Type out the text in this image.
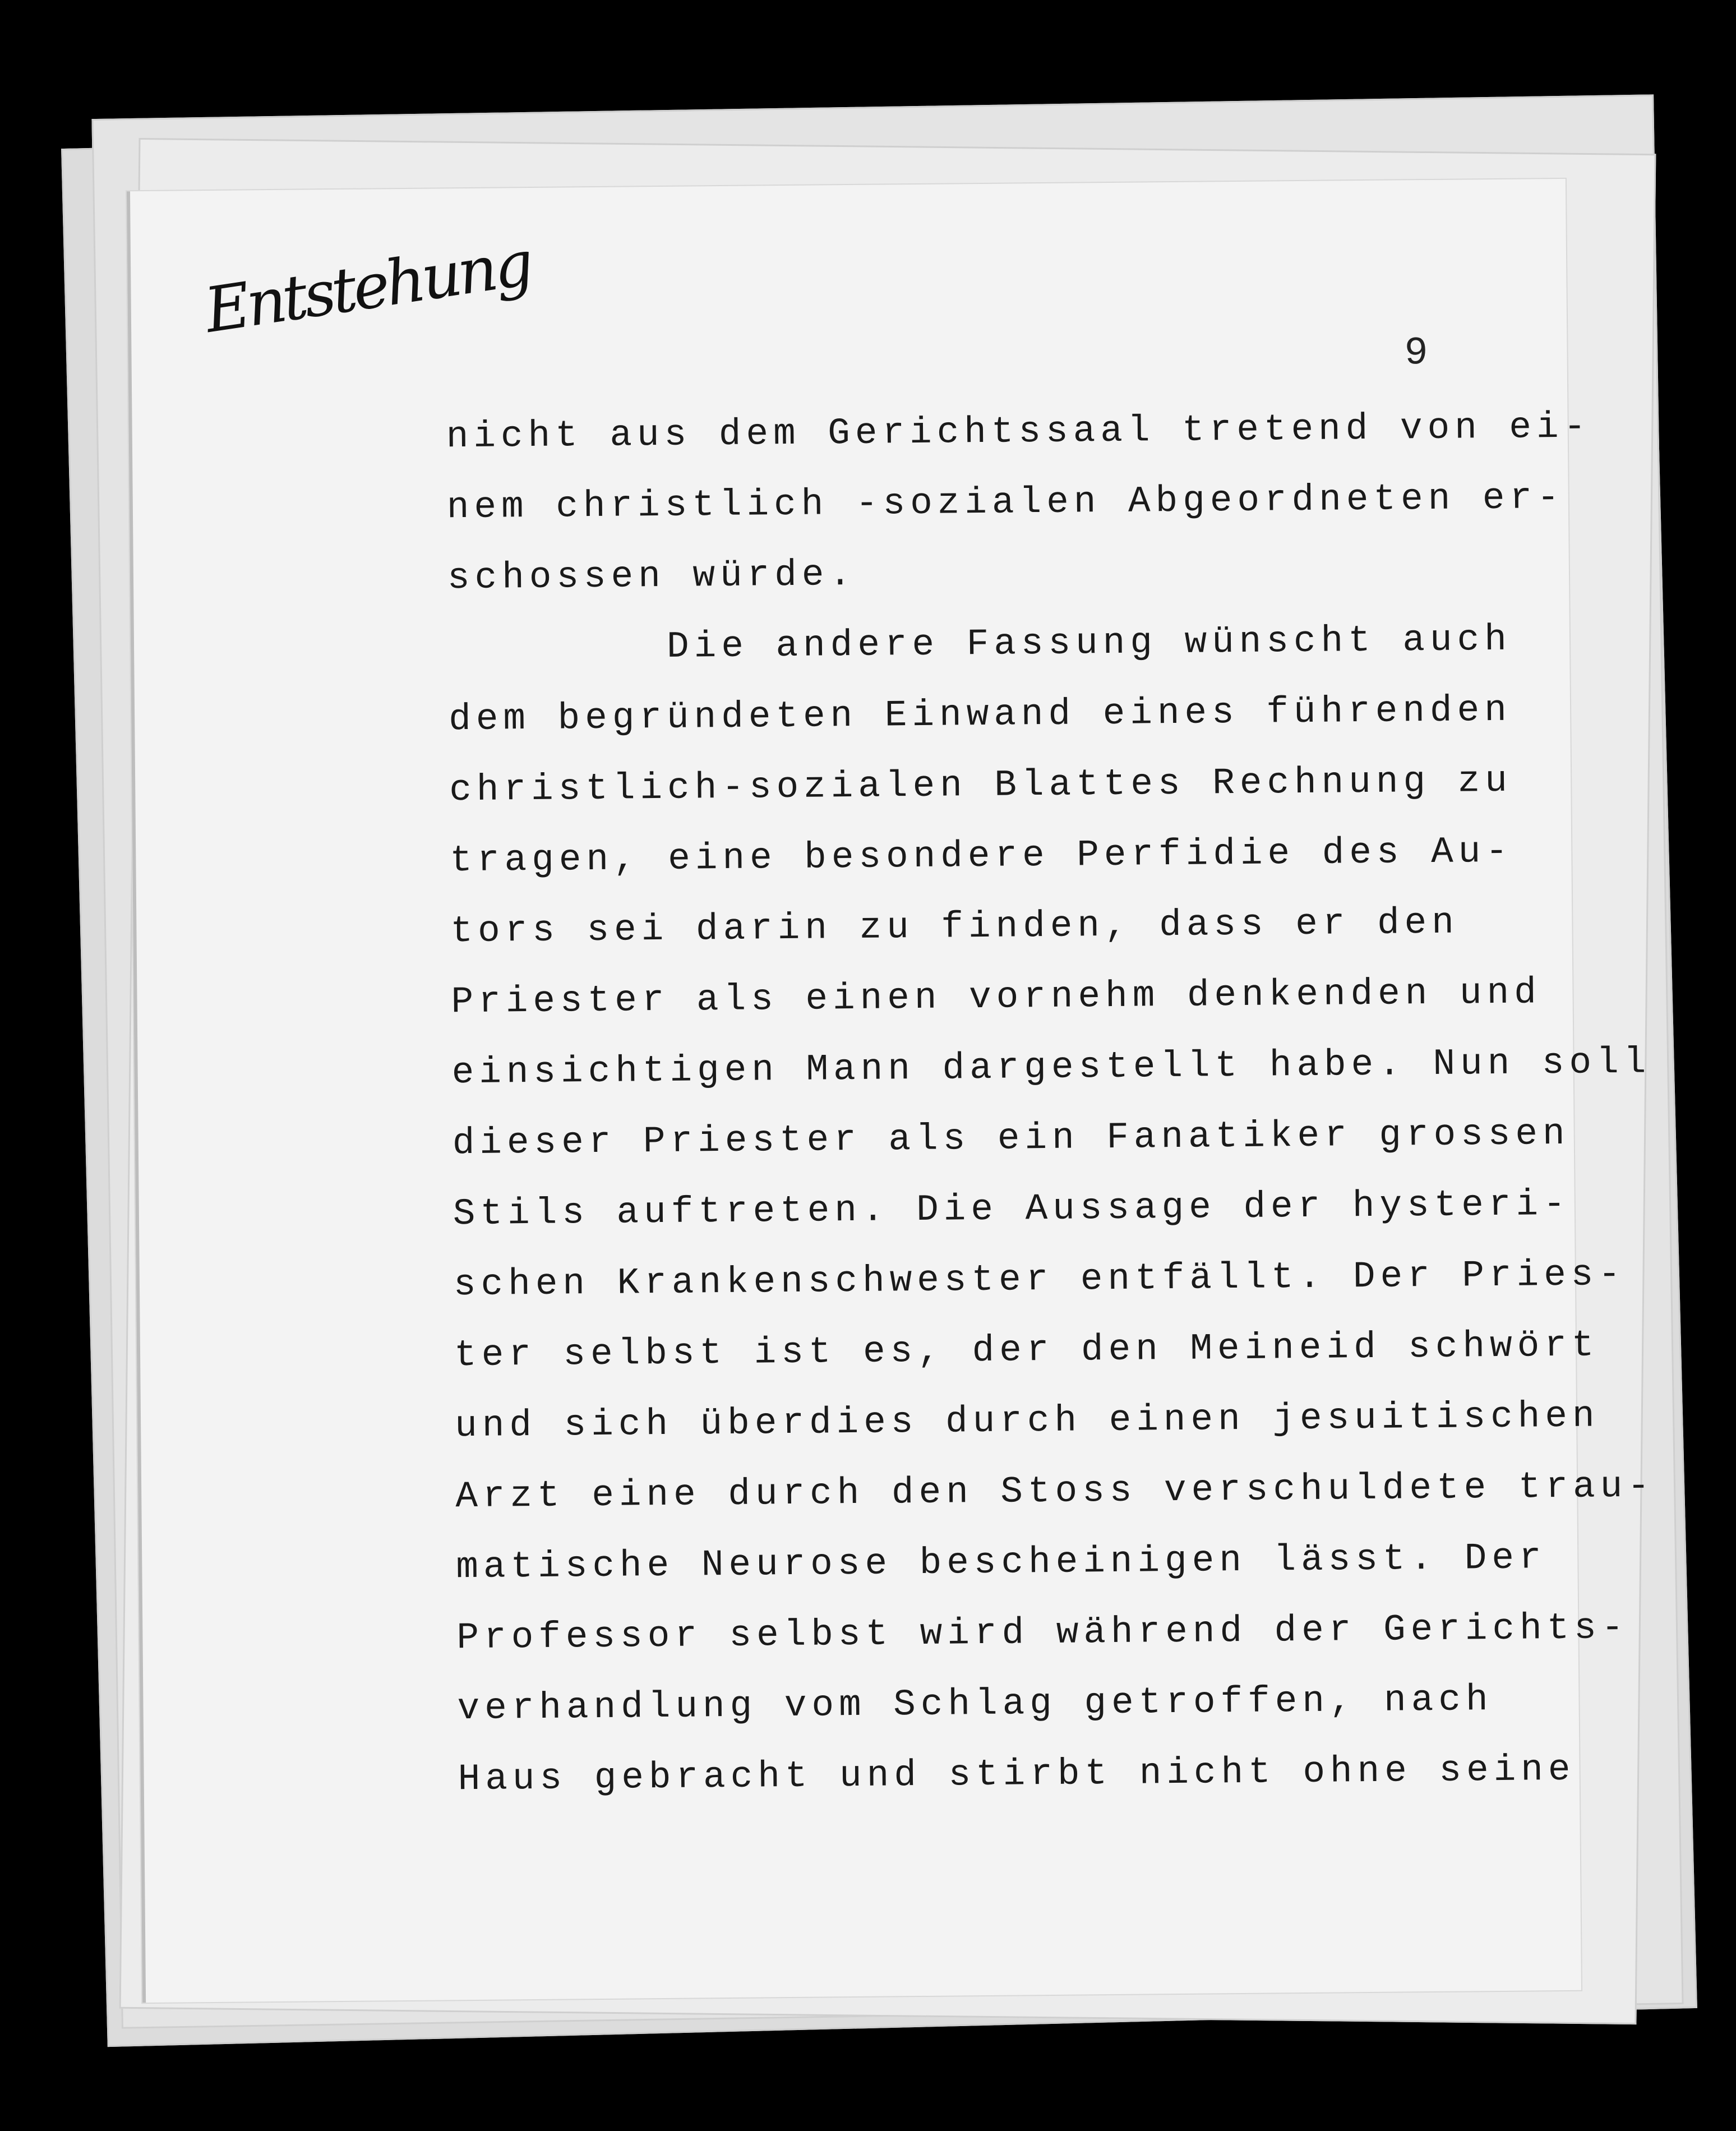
Entstehung
9
nicht aus dem Gerichtssaal tretend von ei-
nem christlich -sozialen Abgeordneten er-
schossen würde.
Die andere Fassung wünscht auch
dem begründeten Einwand eines führenden
christlich-sozialen Blattes Rechnung zu
tragen, eine besondere Perfidie des Au-
tors sei darin zu finden, dass er den
Priester als einen vornehm denkenden und
einsichtigen Mann dargestellt habe. Nun soll
dieser Priester als ein Fanatiker grossen
Stils auftreten. Die Aussage der hysteri-
schen Krankenschwester entfällt. Der Pries-
ter selbst ist es, der den Meineid schwört
und sich überdies durch einen jesuitischen
Arzt eine durch den Stoss verschuldete trau-
matische Neurose bescheinigen lässt. Der
Professor selbst wird während der Gerichts-
verhandlung vom Schlag getroffen, nach
Haus gebracht und stirbt nicht ohne seine
